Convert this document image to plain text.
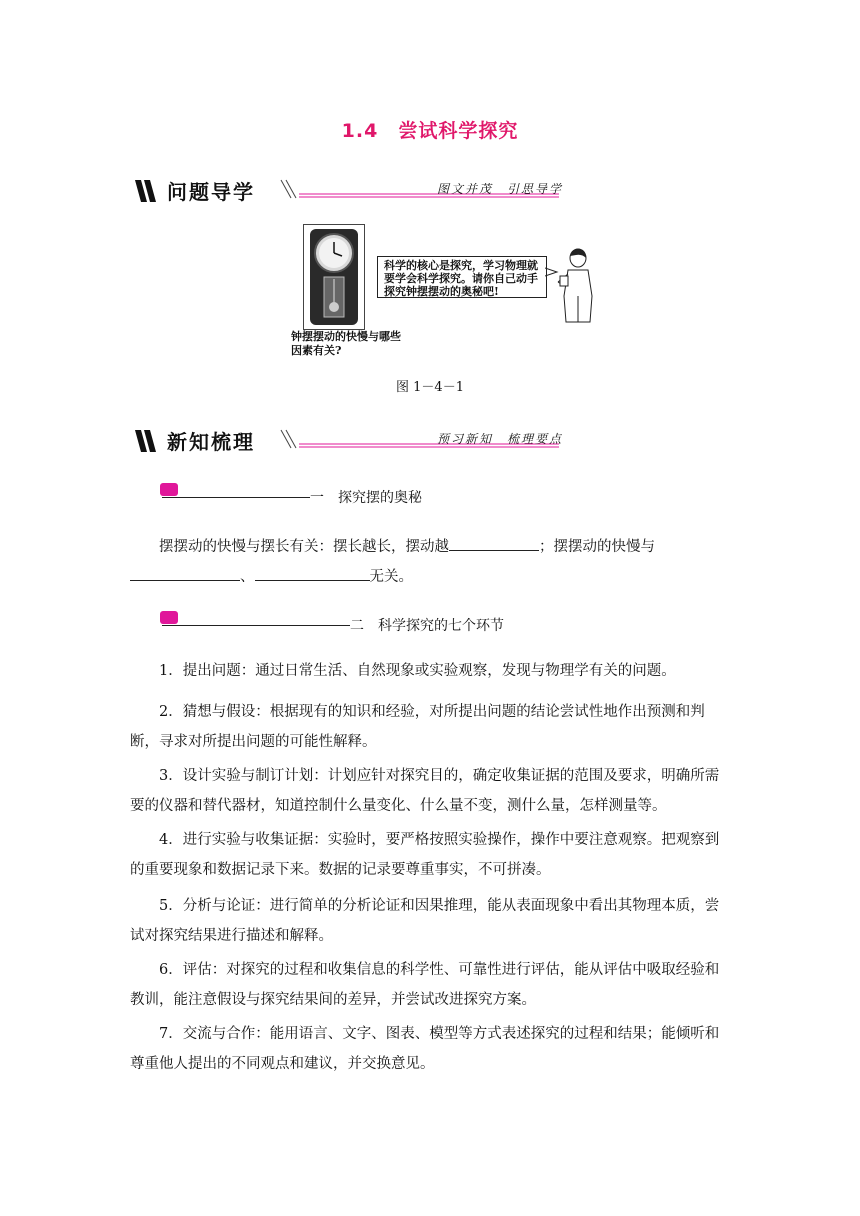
1.4 尝试科学探究
问题导学	图文并茂　引思导学
钟摆摆动的快慢与哪些因素有关?
科学的核心是探究，学习物理就要学会科学探究。请你自己动手探究钟摆摆动的奥秘吧!
图 1－4－1
新知梳理	预习新知　梳理要点
一　探究摆的奥秘
摆摆动的快慢与摆长有关：摆长越长，摆动越	；摆摆动的快慢与
、	无关。
二　科学探究的七个环节
1．提出问题：通过日常生活、自然现象或实验观察，发现与物理学有关的问题。
2．猜想与假设：根据现有的知识和经验，对所提出问题的结论尝试性地作出预测和判断，寻求对所提出问题的可能性解释。
3．设计实验与制订计划：计划应针对探究目的，确定收集证据的范围及要求，明确所需要的仪器和替代器材，知道控制什么量变化、什么量不变，测什么量，怎样测量等。
4．进行实验与收集证据：实验时，要严格按照实验操作，操作中要注意观察。把观察到的重要现象和数据记录下来。数据的记录要尊重事实，不可拼凑。
5．分析与论证：进行简单的分析论证和因果推理，能从表面现象中看出其物理本质，尝试对探究结果进行描述和解释。
6．评估：对探究的过程和收集信息的科学性、可靠性进行评估，能从评估中吸取经验和教训，能注意假设与探究结果间的差异，并尝试改进探究方案。
7．交流与合作：能用语言、文字、图表、模型等方式表述探究的过程和结果；能倾听和尊重他人提出的不同观点和建议，并交换意见。
